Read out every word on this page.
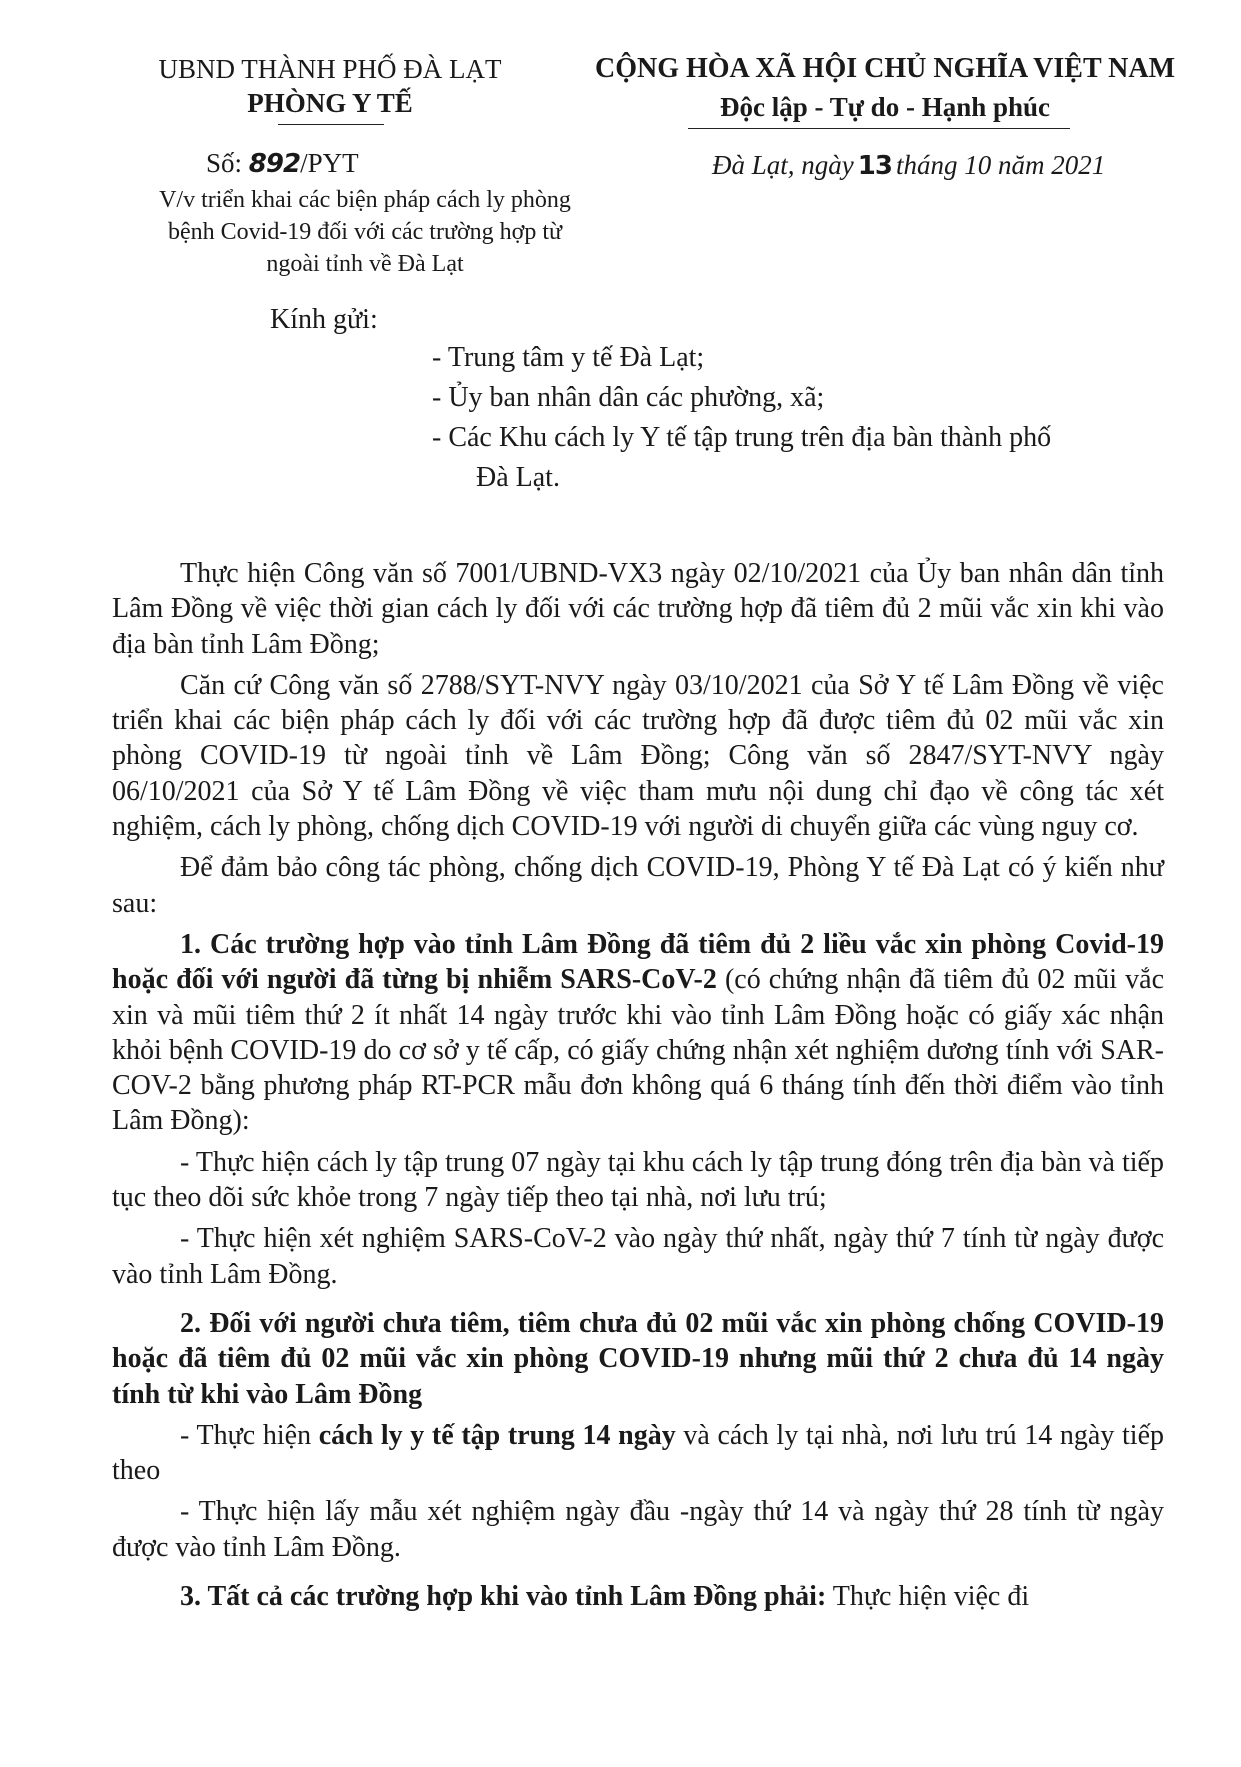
UBND THÀNH PHỐ ĐÀ LẠT
PHÒNG Y TẾ
CỘNG HÒA XÃ HỘI CHỦ NGHĨA VIỆT NAM
Độc lập - Tự do - Hạnh phúc
Số: 892/PYT	Đà Lạt, ngày 13 tháng 10 năm 2021
V/v triển khai các biện pháp cách ly phòng
bệnh Covid-19 đối với các trường hợp từ
ngoài tỉnh về Đà Lạt
Kính gửi:
- Trung tâm y tế Đà Lạt;
- Ủy ban nhân dân các phường, xã;
- Các Khu cách ly Y tế tập trung trên địa bàn thành phố
Đà Lạt.

Thực hiện Công văn số 7001/UBND-VX3 ngày 02/10/2021 của Ủy ban nhân dân tỉnh Lâm Đồng về việc thời gian cách ly đối với các trường hợp đã tiêm đủ 2 mũi vắc xin khi vào địa bàn tỉnh Lâm Đồng;

Căn cứ Công văn số 2788/SYT-NVY ngày 03/10/2021 của Sở Y tế Lâm Đồng về việc triển khai các biện pháp cách ly đối với các trường hợp đã được tiêm đủ 02 mũi vắc xin phòng COVID-19 từ ngoài tỉnh về Lâm Đồng; Công văn số 2847/SYT-NVY ngày 06/10/2021 của Sở Y tế Lâm Đồng về việc tham mưu nội dung chỉ đạo về công tác xét nghiệm, cách ly phòng, chống dịch COVID-19 với người di chuyển giữa các vùng nguy cơ.

Để đảm bảo công tác phòng, chống dịch COVID-19, Phòng Y tế Đà Lạt có ý kiến như sau:

1. Các trường hợp vào tỉnh Lâm Đồng đã tiêm đủ 2 liều vắc xin phòng Covid-19 hoặc đối với người đã từng bị nhiễm SARS-CoV-2 (có chứng nhận đã tiêm đủ 02 mũi vắc xin và mũi tiêm thứ 2 ít nhất 14 ngày trước khi vào tỉnh Lâm Đồng hoặc có giấy xác nhận khỏi bệnh COVID-19 do cơ sở y tế cấp, có giấy chứng nhận xét nghiệm dương tính với SAR-COV-2 bằng phương pháp RT-PCR mẫu đơn không quá 6 tháng tính đến thời điểm vào tỉnh Lâm Đồng):

- Thực hiện cách ly tập trung 07 ngày tại khu cách ly tập trung đóng trên địa bàn và tiếp tục theo dõi sức khỏe trong 7 ngày tiếp theo tại nhà, nơi lưu trú;

- Thực hiện xét nghiệm SARS-CoV-2 vào ngày thứ nhất, ngày thứ 7 tính từ ngày được vào tỉnh Lâm Đồng.

2. Đối với người chưa tiêm, tiêm chưa đủ 02 mũi vắc xin phòng chống COVID-19 hoặc đã tiêm đủ 02 mũi vắc xin phòng COVID-19 nhưng mũi thứ 2 chưa đủ 14 ngày tính từ khi vào Lâm Đồng

- Thực hiện cách ly y tế tập trung 14 ngày và cách ly tại nhà, nơi lưu trú 14 ngày tiếp theo

- Thực hiện lấy mẫu xét nghiệm ngày đầu -ngày thứ 14 và ngày thứ 28 tính từ ngày được vào tỉnh Lâm Đồng.

3. Tất cả các trường hợp khi vào tỉnh Lâm Đồng phải: Thực hiện việc đi
